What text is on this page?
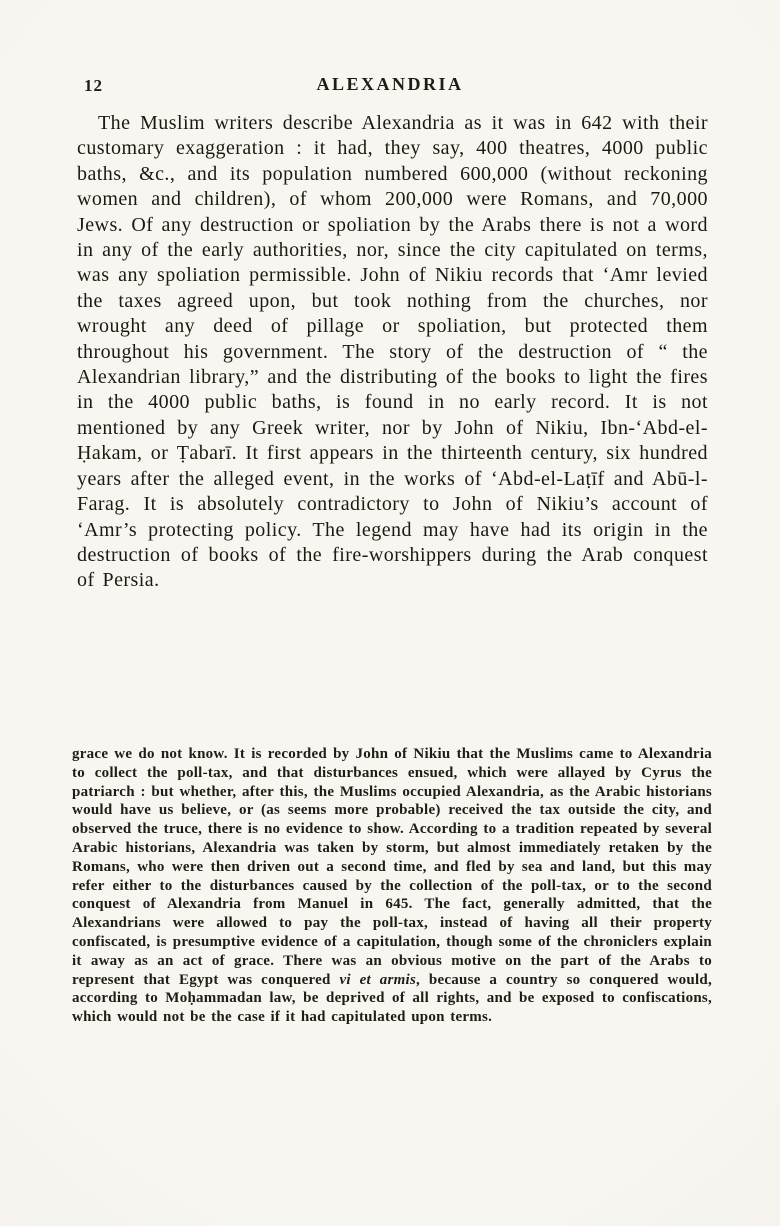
12	ALEXANDRIA

The Muslim writers describe Alexandria as it was in 642 with their customary exaggeration : it had, they say, 400 theatres, 4000 public baths, &c., and its population numbered 600,000 (without reckoning women and children), of whom 200,000 were Romans, and 70,000 Jews. Of any destruction or spoliation by the Arabs there is not a word in any of the early authorities, nor, since the city capitulated on terms, was any spoliation permissible. John of Nikiu records that ‘Amr levied the taxes agreed upon, but took nothing from the churches, nor wrought any deed of pillage or spoliation, but protected them throughout his government. The story of the destruction of “ the Alexandrian library,” and the distributing of the books to light the fires in the 4000 public baths, is found in no early record. It is not mentioned by any Greek writer, nor by John of Nikiu, Ibn-‘Abd-el-Ḥakam, or Ṭabarī. It first appears in the thirteenth century, six hundred years after the alleged event, in the works of ‘Abd-el-Laṭīf and Abū-l-Farag. It is absolutely contradictory to John of Nikiu’s account of ‘Amr’s protecting policy. The legend may have had its origin in the destruction of books of the fire-worshippers during the Arab conquest of Persia.

grace we do not know. It is recorded by John of Nikiu that the Muslims came to Alexandria to collect the poll-tax, and that disturbances ensued, which were allayed by Cyrus the patriarch : but whether, after this, the Muslims occupied Alexandria, as the Arabic historians would have us believe, or (as seems more probable) received the tax outside the city, and observed the truce, there is no evidence to show. According to a tradition repeated by several Arabic historians, Alexandria was taken by storm, but almost immediately retaken by the Romans, who were then driven out a second time, and fled by sea and land, but this may refer either to the disturbances caused by the collection of the poll-tax, or to the second conquest of Alexandria from Manuel in 645. The fact, generally admitted, that the Alexandrians were allowed to pay the poll-tax, instead of having all their property confiscated, is presumptive evidence of a capitulation, though some of the chroniclers explain it away as an act of grace. There was an obvious motive on the part of the Arabs to represent that Egypt was conquered vi et armis, because a country so conquered would, according to Moḥammadan law, be deprived of all rights, and be exposed to confiscations, which would not be the case if it had capitulated upon terms.
